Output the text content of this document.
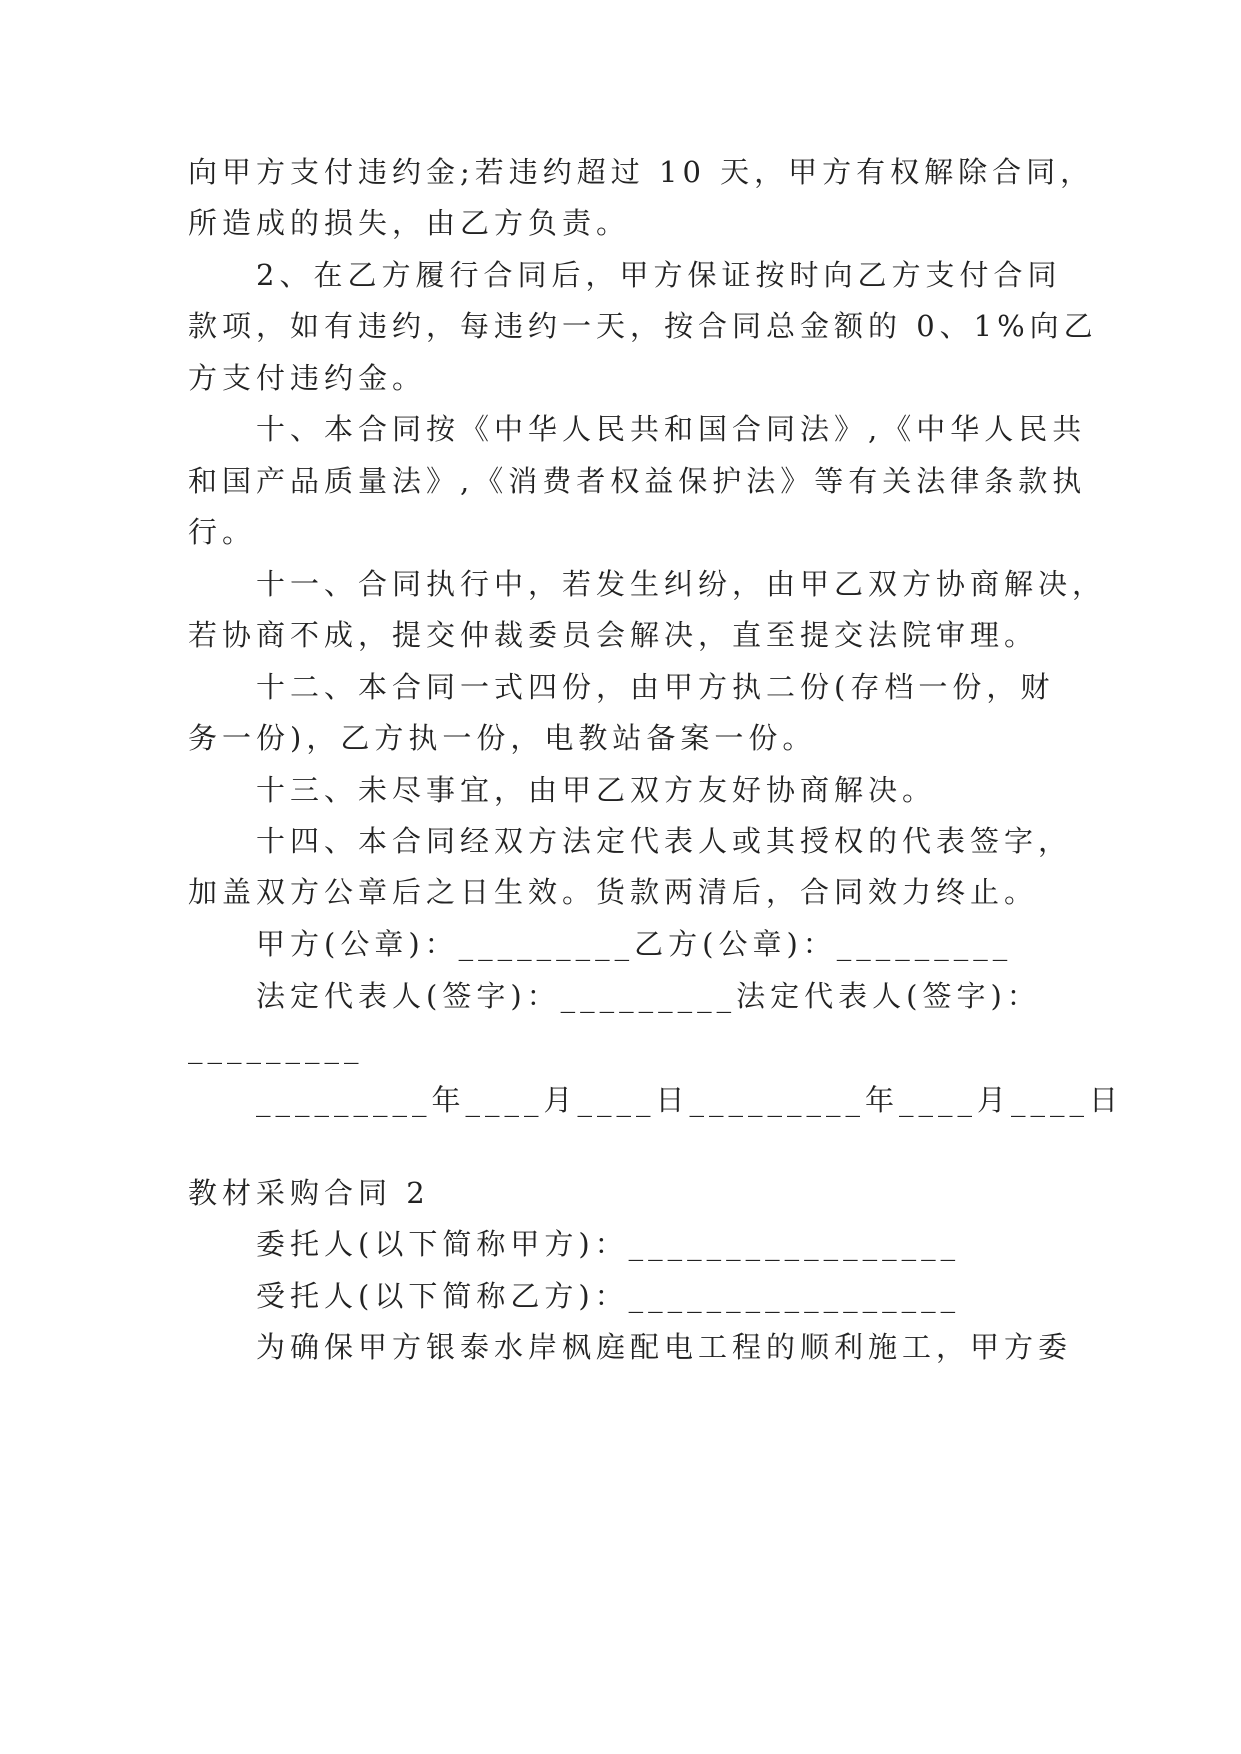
向甲方支付违约金;若违约超过 10 天，甲方有权解除合同，
所造成的损失，由乙方负责。
2、在乙方履行合同后，甲方保证按时向乙方支付合同
款项，如有违约，每违约一天，按合同总金额的 0、1%向乙
方支付违约金。
十、本合同按《中华人民共和国合同法》,《中华人民共
和国产品质量法》,《消费者权益保护法》等有关法律条款执
行。
十一、合同执行中，若发生纠纷，由甲乙双方协商解决，
若协商不成，提交仲裁委员会解决，直至提交法院审理。
十二、本合同一式四份，由甲方执二份(存档一份，财
务一份)，乙方执一份，电教站备案一份。
十三、未尽事宜，由甲乙双方友好协商解决。
十四、本合同经双方法定代表人或其授权的代表签字，
加盖双方公章后之日生效。货款两清后，合同效力终止。
甲方(公章)：_________乙方(公章)：_________
法定代表人(签字)：_________法定代表人(签字)：
_________
_________年____月____日_________年____月____日
教材采购合同 2
委托人(以下简称甲方)：_________________
受托人(以下简称乙方)：_________________
为确保甲方银泰水岸枫庭配电工程的顺利施工，甲方委
